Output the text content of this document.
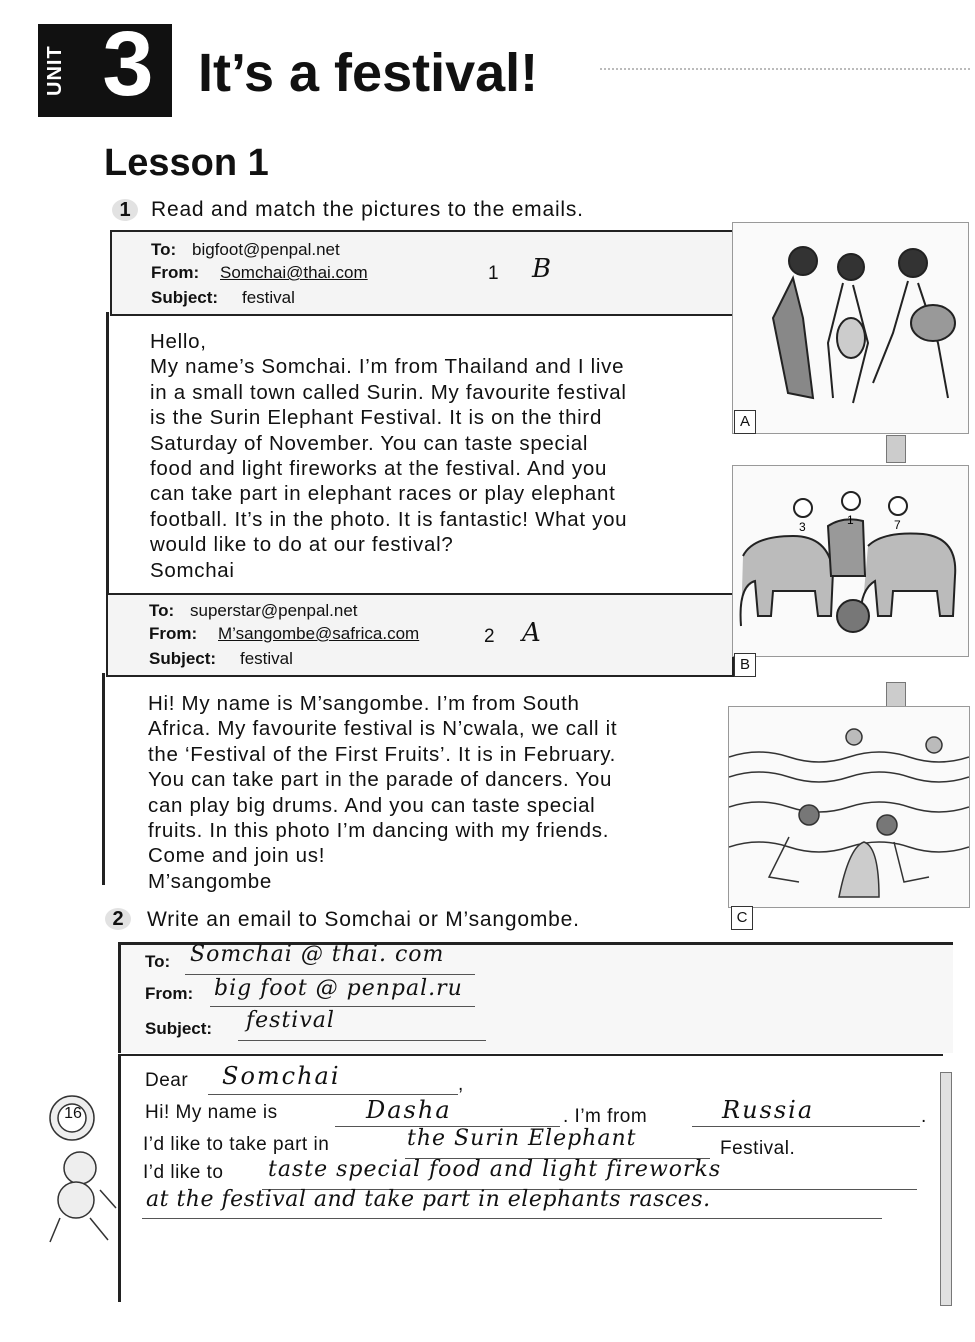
UNIT 3 It’s a festival!
Lesson 1
1 Read and match the pictures to the emails.
To: bigfoot@penpal.net
From: Somchai@thai.com
Subject: festival
1 B
Hello,
My name’s Somchai. I’m from Thailand and I live
in a small town called Surin. My favourite festival
is the Surin Elephant Festival. It is on the third
Saturday of November. You can taste special
food and light fireworks at the festival. And you
can take part in elephant races or play elephant
football. It’s in the photo. It is fantastic! What you
would like to do at our festival?
Somchai
To: superstar@penpal.net
From: M’sangombe@safrica.com
Subject: festival
2 A
Hi! My name is M’sangombe. I’m from South
Africa. My favourite festival is N’cwala, we call it
the ‘Festival of the First Fruits’. It is in February.
You can take part in the parade of dancers. You
can play big drums. And you can taste special
fruits. In this photo I’m dancing with my friends.
Come and join us!
M’sangombe
A
3	1	7
B
C
2	Write an email to Somchai or M’sangombe.
To: Somchai @ thai. com
From: big foot @ penpal.ru
Subject: festival
Dear Somchai	,
Hi! My name is	Dasha	. I’m from	Russia	.
I’d like to take part in	the Surin Elephant	Festival.
I’d like to taste special food and light fireworks
at the festival and take part in elephants rasces.
16
